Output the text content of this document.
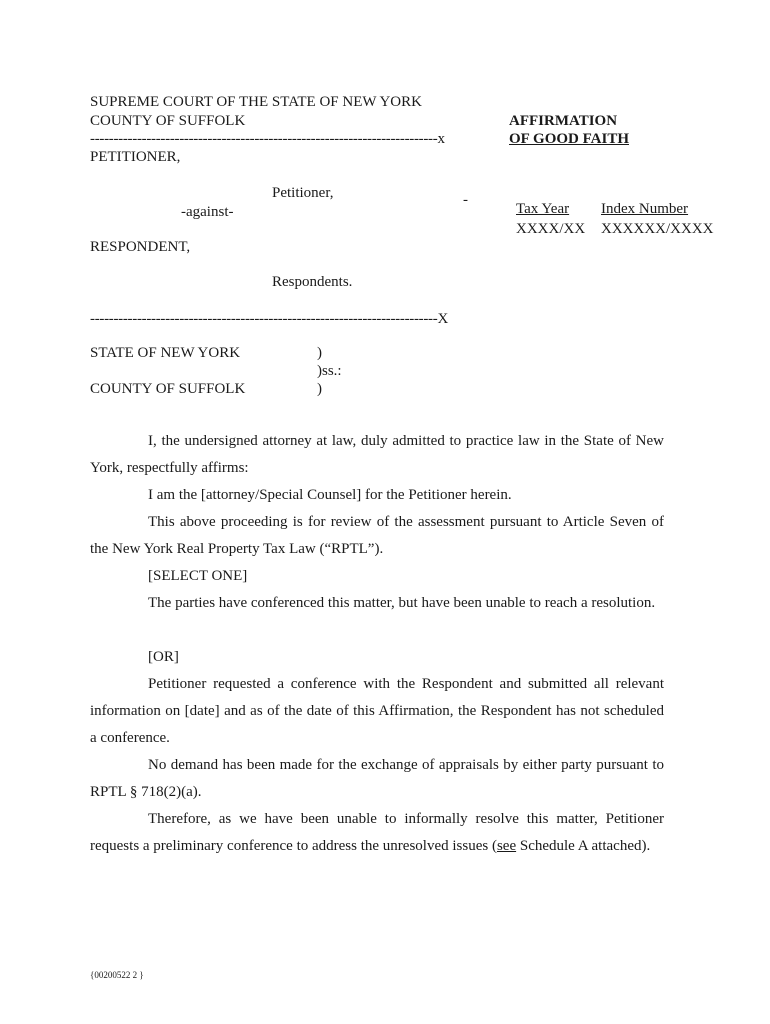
SUPREME COURT OF THE STATE OF NEW YORK
COUNTY OF SUFFOLK
--------------------------------------------------------------------------x
PETITIONER,
Petitioner,	-
-against-
RESPONDENT,
Respondents.
--------------------------------------------------------------------------X
AFFIRMATION
OF GOOD FAITH
Tax Year
XXXX/XX
Index Number
XXXXXX/XXXX
STATE OF NEW YORK
COUNTY OF SUFFOLK
)
)ss.:
)

I, the undersigned attorney at law, duly admitted to practice law in the State of New York, respectfully affirms:

I am the [attorney/Special Counsel] for the Petitioner herein.

This above proceeding is for review of the assessment pursuant to Article Seven of the New York Real Property Tax Law (“RPTL”).

[SELECT ONE]

The parties have conferenced this matter, but have been unable to reach a resolution.

[OR]

Petitioner requested a conference with the Respondent and submitted all relevant information on [date] and as of the date of this Affirmation, the Respondent has not scheduled a conference.

No demand has been made for the exchange of appraisals by either party pursuant to RPTL § 718(2)(a).

Therefore, as we have been unable to informally resolve this matter, Petitioner requests a preliminary conference to address the unresolved issues (see Schedule A attached).

{00200522 2 }
